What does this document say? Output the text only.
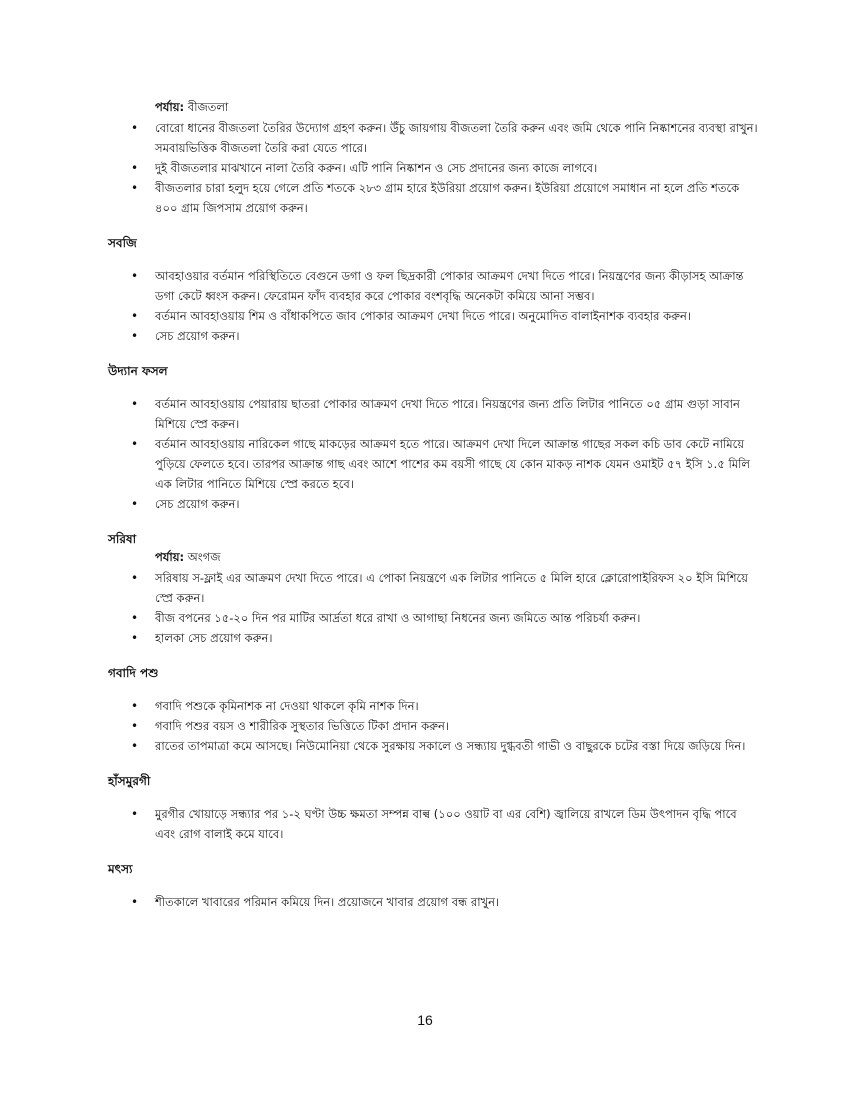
পর্যায়: বীজতলা

• বোরো ধানের বীজতলা তৈরির উদ্যোগ গ্রহণ করুন। উঁচু জায়গায় বীজতলা তৈরি করুন এবং জমি থেকে পানি নিষ্কাশনের ব্যবস্থা রাখুন। সমবায়ভিত্তিক বীজতলা তৈরি করা যেতে পারে।
• দুই বীজতলার মাঝখানে নালা তৈরি করুন। এটি পানি নিষ্কাশন ও সেচ প্রদানের জন্য কাজে লাগবে।
• বীজতলার চারা হলুদ হয়ে গেলে প্রতি শতকে ২৮৩ গ্রাম হারে ইউরিয়া প্রয়োগ করুন। ইউরিয়া প্রয়োগে সমাধান না হলে প্রতি শতকে ৪০০ গ্রাম জিপসাম প্রয়োগ করুন।

সবজি

• আবহাওয়ার বর্তমান পরিস্থিতিতে বেগুনে ডগা ও ফল ছিদ্রকারী পোকার আক্রমণ দেখা দিতে পারে। নিয়ন্ত্রণের জন্য কীড়াসহ আক্রান্ত ডগা কেটে ধ্বংস করুন। ফেরোমন ফাঁদ ব্যবহার করে পোকার বংশবৃদ্ধি অনেকটা কমিয়ে আনা সম্ভব।
• বর্তমান আবহাওয়ায় শিম ও বাঁধাকপিতে জাব পোকার আক্রমণ দেখা দিতে পারে। অনুমোদিত বালাইনাশক ব্যবহার করুন।
• সেচ প্রয়োগ করুন।

উদ্যান ফসল

• বর্তমান আবহাওয়ায় পেয়ারায় ছাতরা পোকার আক্রমণ দেখা দিতে পারে। নিয়ন্ত্রণের জন্য প্রতি লিটার পানিতে ০৫ গ্রাম গুড়া সাবান মিশিয়ে স্প্রে করুন।
• বর্তমান আবহাওয়ায় নারিকেল গাছে মাকড়ের আক্রমণ হতে পারে। আক্রমণ দেখা দিলে আক্রান্ত গাছের সকল কচি ডাব কেটে নামিয়ে পুড়িয়ে ফেলতে হবে। তারপর আক্রান্ত গাছ এবং আশে পাশের কম বয়সী গাছে যে কোন মাকড় নাশক যেমন ওমাইট ৫৭ ইসি ১.৫ মিলি এক লিটার পানিতে মিশিয়ে স্প্রে করতে হবে।
• সেচ প্রয়োগ করুন।

সরিষা

পর্যায়: অংগজ

• সরিষায় স-ফ্লাই এর আক্রমণ দেখা দিতে পারে। এ পোকা নিয়ন্ত্রণে এক লিটার পানিতে ৫ মিলি হারে ক্লোরোপাইরিফস ২০ ইসি মিশিয়ে স্প্রে করুন।
• বীজ বপনের ১৫-২০ দিন পর মাটির আর্দ্রতা ধরে রাখা ও আগাছা নিধনের জন্য জমিতে আন্ত পরিচর্যা করুন।
• হালকা সেচ প্রয়োগ করুন।

গবাদি পশু

• গবাদি পশুকে কৃমিনাশক না দেওয়া থাকলে কৃমি নাশক দিন।
• গবাদি পশুর বয়স ও শারীরিক সুস্থতার ভিত্তিতে টিকা প্রদান করুন।
• রাতের তাপমাত্রা কমে আসছে। নিউমোনিয়া থেকে সুরক্ষায় সকালে ও সন্ধ্যায় দুগ্ধবতী গাভী ও বাছুরকে চটের বস্তা দিয়ে জড়িয়ে দিন।

হাঁসমুরগী

• মুরগীর খোয়াড়ে সন্ধ্যার পর ১-২ ঘণ্টা উচ্চ ক্ষমতা সম্পন্ন বাল্ব (১০০ ওয়াট বা এর বেশি) জ্বালিয়ে রাখলে ডিম উৎপাদন বৃদ্ধি পাবে এবং রোগ বালাই কমে যাবে।

মৎস্য

• শীতকালে খাবারের পরিমান কমিয়ে দিন। প্রয়োজনে খাবার প্রয়োগ বন্ধ রাখুন।
16
